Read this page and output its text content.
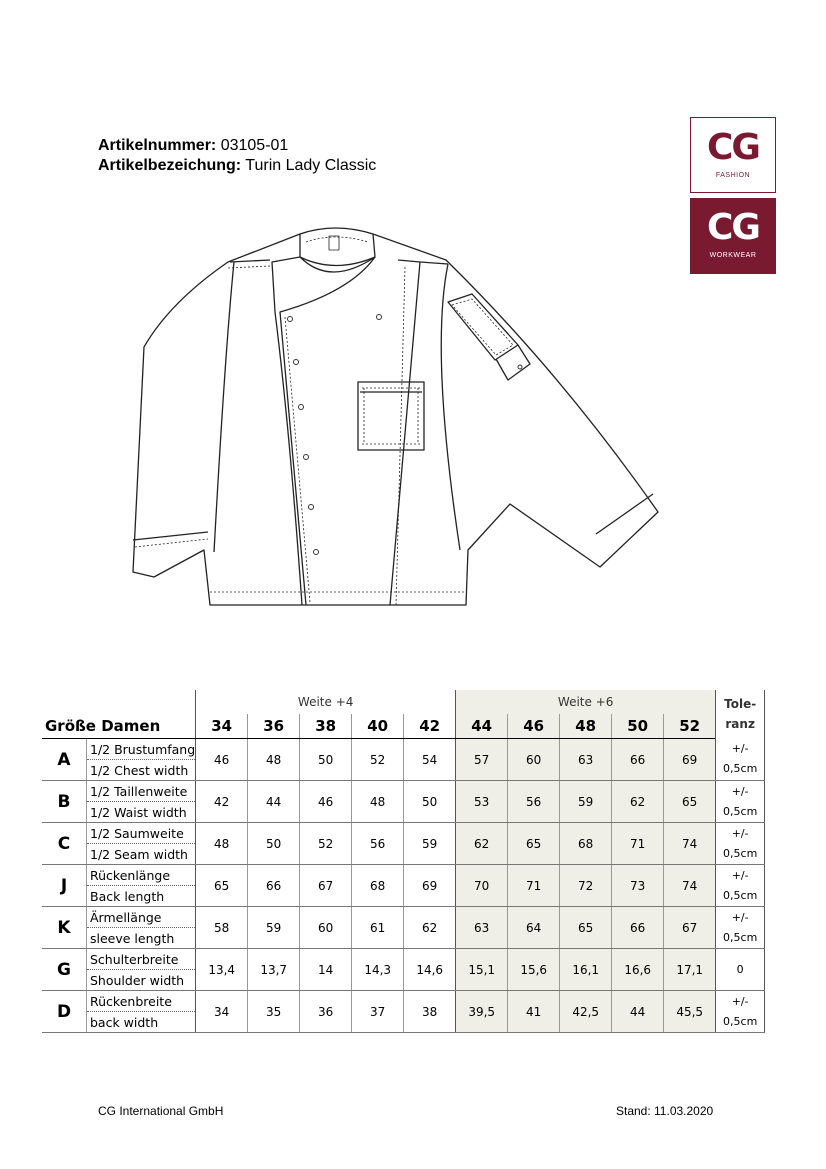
Artikelnummer: 03105-01
Artikelbezeichung: Turin Lady Classic	CG
FASHION
CG
WORKWEAR
		Weite +4					Weite +6					Tole-
ranz

Größe Damen		34	36	38	40	42	44	46	48	50	52	
A	1/2 Brustumfang	46	48	50	52	54	57	60	63	66	69	+/-
0,5cm

	1/2 Chest width											
B	1/2 Taillenweite	42	44	46	48	50	53	56	59	62	65	+/-
0,5cm

	1/2 Waist width											
C	1/2 Saumweite	48	50	52	56	59	62	65	68	71	74	+/-
0,5cm

	1/2 Seam width											
J	Rückenlänge	65	66	67	68	69	70	71	72	73	74	+/-
0,5cm

	Back length											
K	Ärmellänge	58	59	60	61	62	63	64	65	66	67	+/-
0,5cm

	sleeve length											
G	Schulterbreite	13,4	13,7	14	14,3	14,6	15,1	15,6	16,1	16,6	17,1	0

	Shoulder width											
D	Rückenbreite	34	35	36	37	38	39,5	41	42,5	44	45,5	+/-
0,5cm

	back width											
CG International GmbH	Stand: 11.03.2020
